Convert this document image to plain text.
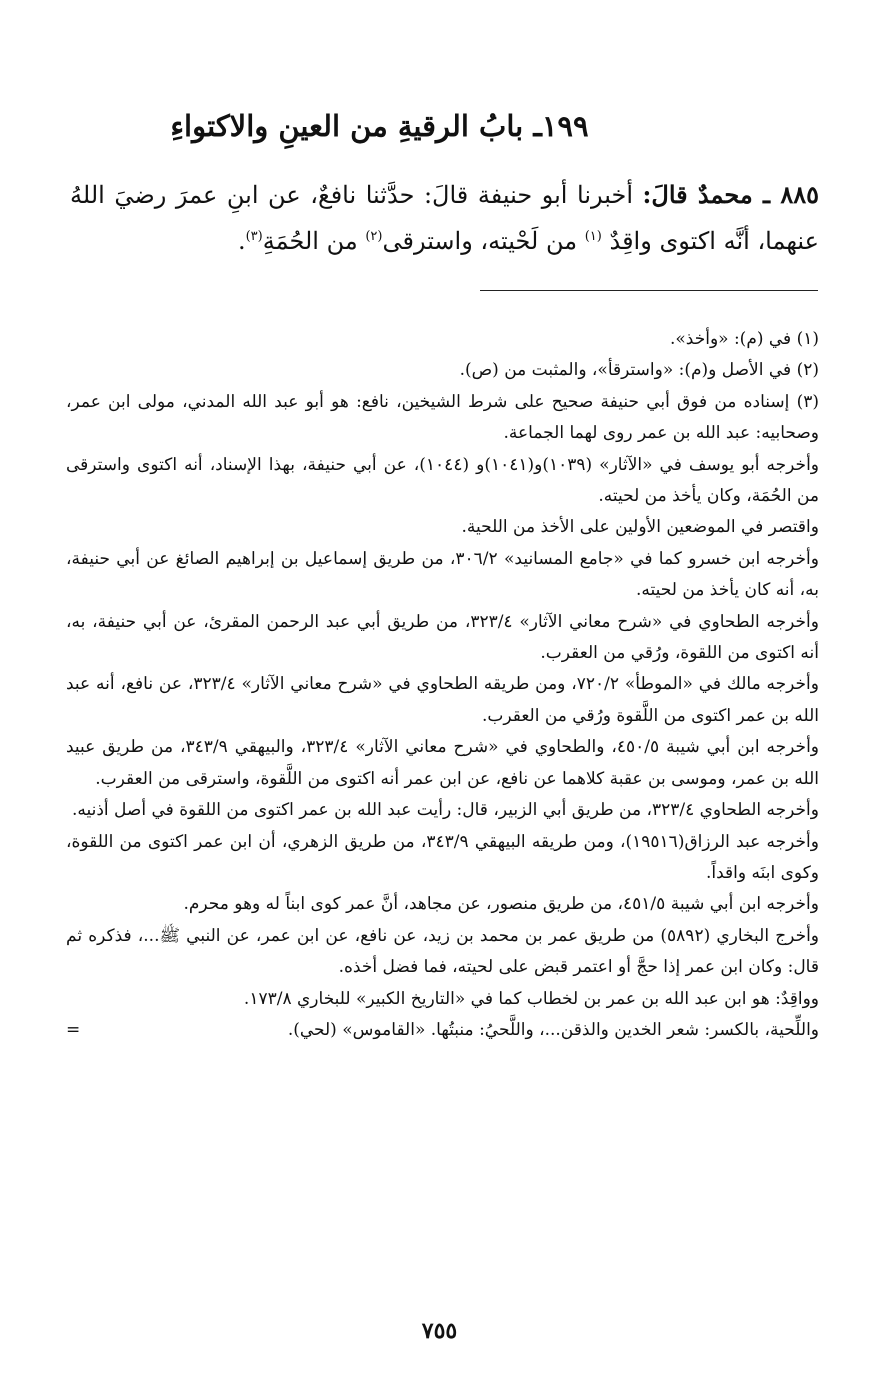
١٩٩ـ بابُ الرقيةِ من العينِ والاكتواءِ
٨٨٥ ـ محمدٌ قالَ: أخبرنا أبو حنيفة قالَ: حدَّثنا نافعٌ، عن ابنِ عمرَ رضيَ اللهُ عنهما، أنَّه اكتوى واقِدٌ $^{(١)}$ من لَحْيته، واسترقى$^{(٢)}$ من الحُمَةِ$^{(٣)}$.

(١) في (م): «وأخذ».

(٢) في الأصل و(م): «واسترقأ»، والمثبت من (ص).

(٣) إسناده من فوق أبي حنيفة صحيح على شرط الشيخين، نافع: هو أبو عبد الله المدني، مولى ابن عمر، وصحابيه: عبد الله بن عمر روى لهما الجماعة.

وأخرجه أبو يوسف في «الآثار» (١٠٣٩)و(١٠٤١)و (١٠٤٤)، عن أبي حنيفة، بهذا الإسناد، أنه اكتوى واسترقى من الحُمَة، وكان يأخذ من لحيته.

واقتصر في الموضعين الأولين على الأخذ من اللحية.

وأخرجه ابن خسرو كما في «جامع المسانيد» ٣٠٦/٢، من طريق إسماعيل بن إبراهيم الصائغ عن أبي حنيفة، به، أنه كان يأخذ من لحيته.

وأخرجه الطحاوي في «شرح معاني الآثار» ٣٢٣/٤، من طريق أبي عبد الرحمن المقرئ، عن أبي حنيفة، به، أنه اكتوى من اللقوة، ورُقي من العقرب.

وأخرجه مالك في «الموطأ» ٧٢٠/٢، ومن طريقه الطحاوي في «شرح معاني الآثار» ٣٢٣/٤، عن نافع، أنه عبد الله بن عمر اكتوى من اللَّقوة ورُقي من العقرب.

وأخرجه ابن أبي شيبة ٤٥٠/٥، والطحاوي في «شرح معاني الآثار» ٣٢٣/٤، والبيهقي ٣٤٣/٩، من طريق عبيد الله بن عمر، وموسى بن عقبة كلاهما عن نافع، عن ابن عمر أنه اكتوى من اللَّقوة، واسترقى من العقرب.

وأخرجه الطحاوي ٣٢٣/٤، من طريق أبي الزبير، قال: رأيت عبد الله بن عمر اكتوى من اللقوة في أصل أذنيه.

وأخرجه عبد الرزاق(١٩٥١٦)، ومن طريقه البيهقي ٣٤٣/٩، من طريق الزهري، أن ابن عمر اكتوى من اللقوة، وكوى ابنَه واقداً.

وأخرجه ابن أبي شيبة ٤٥١/٥، من طريق منصور، عن مجاهد، أنَّ عمر كوى ابناً له وهو محرم.

وأخرج البخاري (٥٨٩٢) من طريق عمر بن محمد بن زيد، عن نافع، عن ابن عمر، عن النبي ﷺ...، فذكره ثم قال: وكان ابن عمر إذا حجَّ أو اعتمر قبض على لحيته، فما فضل أخذه.

وواقِدٌ: هو ابن عبد الله بن عمر بن لخطاب كما في «التاريخ الكبير» للبخاري ١٧٣/٨.

واللِّحية، بالكسر: شعر الخدين والذقن...، واللَّحيُ: منبتُها. «القاموس» (لحي).
=

٧٥٥
